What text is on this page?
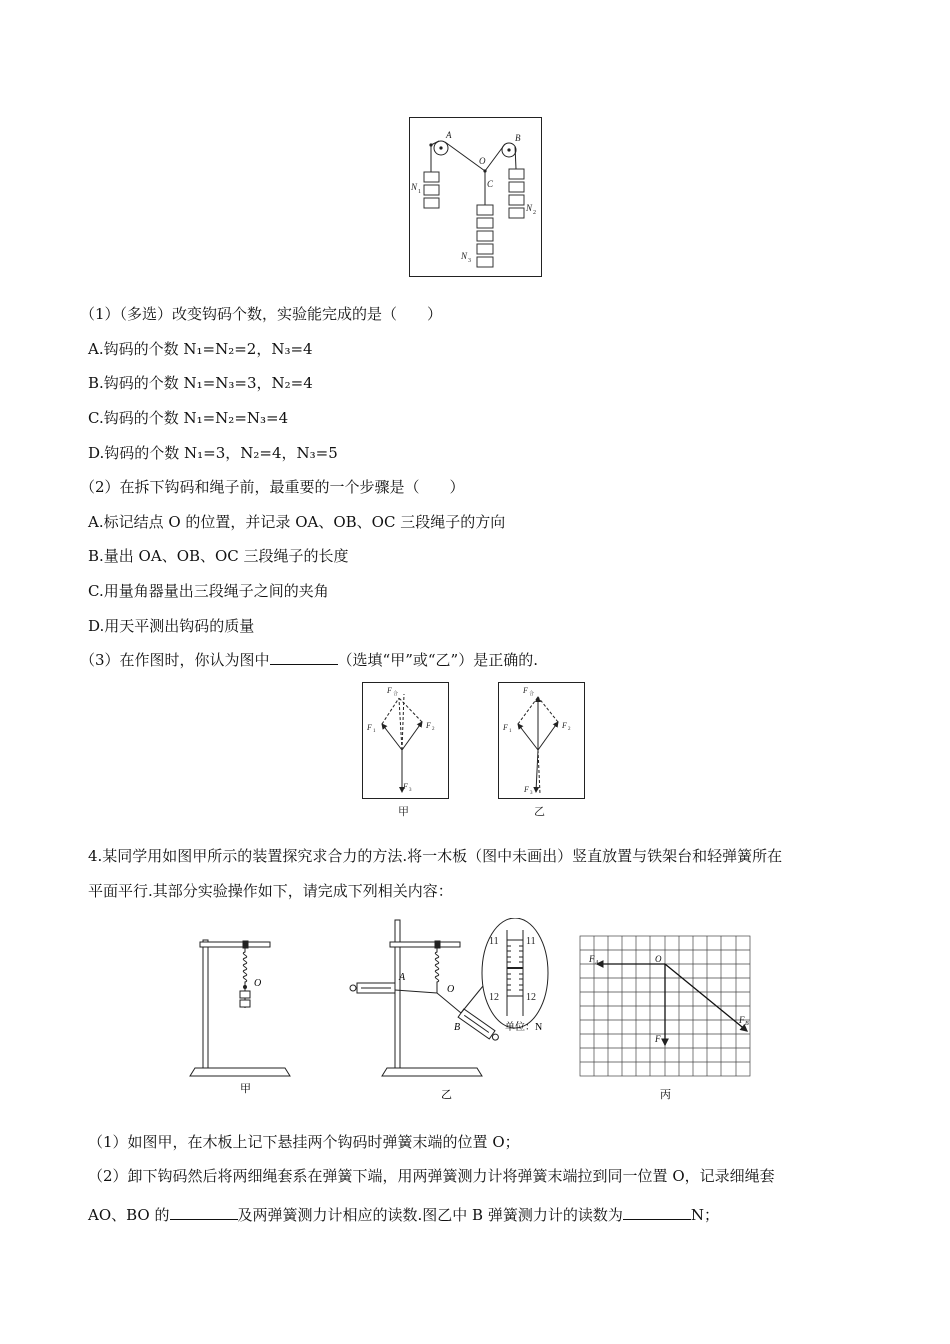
A	B
O
C
N 1
N 2
N 3
（1）（多选）改变钩码个数，实验能完成的是（　　）
A.钩码的个数 N₁=N₂=2，N₃=4
B.钩码的个数 N₁=N₃=3，N₂=4
C.钩码的个数 N₁=N₂=N₃=4
D.钩码的个数 N₁=3，N₂=4，N₃=5
（2）在拆下钩码和绳子前，最重要的一个步骤是（　　）
A.标记结点 O 的位置，并记录 OA、OB、OC 三段绳子的方向
B.量出 OA、OB、OC 三段绳子的长度
C.用量角器量出三段绳子之间的夹角
D.用天平测出钩码的质量
（3）在作图时，你认为图中	（选填“甲”或“乙”）是正确的.
F 合
F 1
F 2
F 3
甲
F 合
F 1
F 2
F 3
乙
4.某同学用如图甲所示的装置探究求合力的方法.将一木板（图中未画出）竖直放置与铁架台和轻弹簧所在
平面平行.其部分实验操作如下，请完成下列相关内容：
O
甲
A
O
B
乙
11	11
12	12
单位：N
O
F A
F B
F
丙
（1）如图甲，在木板上记下悬挂两个钩码时弹簧末端的位置 O；
（2）卸下钩码然后将两细绳套系在弹簧下端，用两弹簧测力计将弹簧末端拉到同一位置 O，记录细绳套
AO、BO 的	及两弹簧测力计相应的读数.图乙中 B 弹簧测力计的读数为	N；
